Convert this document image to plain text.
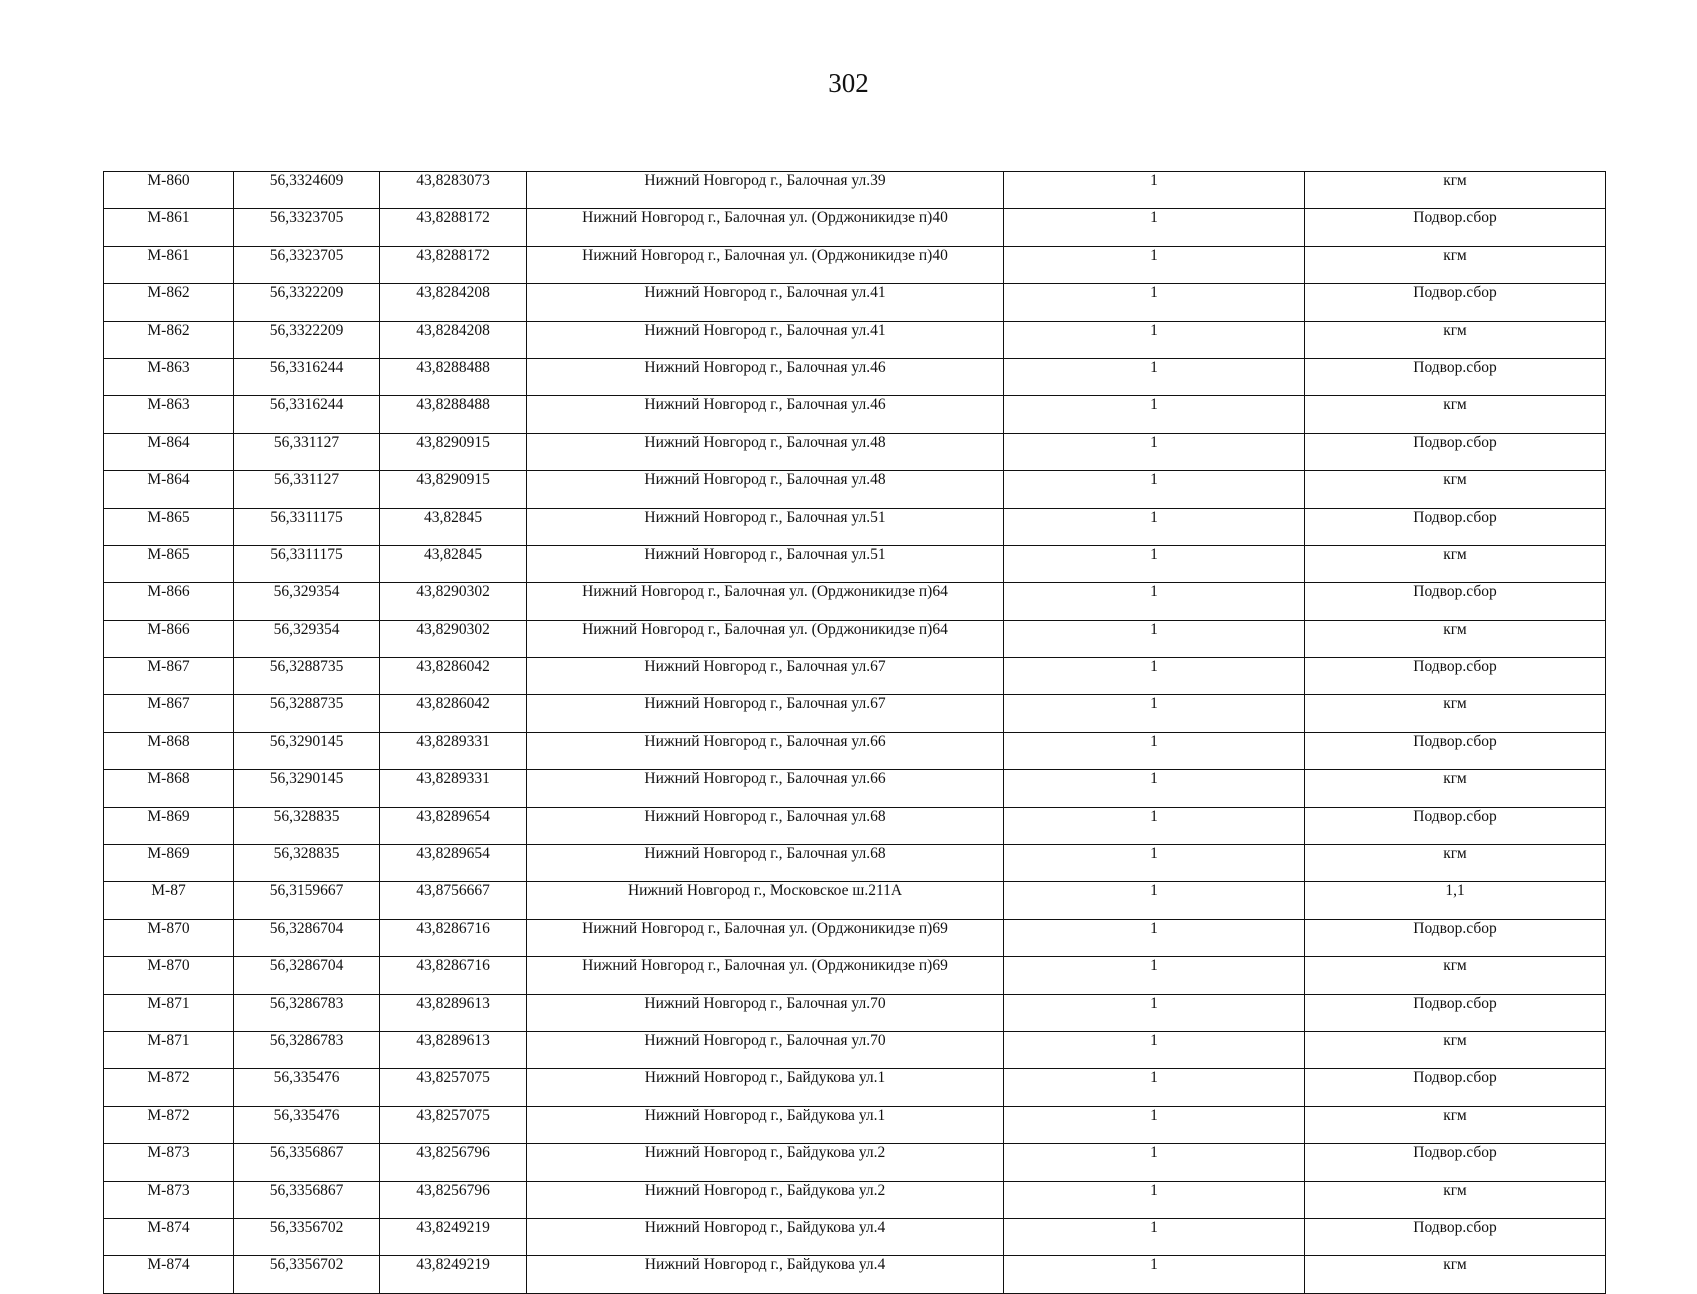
302
М-860	56,3324609	43,8283073	Нижний Новгород г., Балочная ул.39	1	кгм
М-861	56,3323705	43,8288172	Нижний Новгород г., Балочная ул. (Орджоникидзе п)40	1	Подвор.сбор
М-861	56,3323705	43,8288172	Нижний Новгород г., Балочная ул. (Орджоникидзе п)40	1	кгм
М-862	56,3322209	43,8284208	Нижний Новгород г., Балочная ул.41	1	Подвор.сбор
М-862	56,3322209	43,8284208	Нижний Новгород г., Балочная ул.41	1	кгм
М-863	56,3316244	43,8288488	Нижний Новгород г., Балочная ул.46	1	Подвор.сбор
М-863	56,3316244	43,8288488	Нижний Новгород г., Балочная ул.46	1	кгм
М-864	56,331127	43,8290915	Нижний Новгород г., Балочная ул.48	1	Подвор.сбор
М-864	56,331127	43,8290915	Нижний Новгород г., Балочная ул.48	1	кгм
М-865	56,3311175	43,82845	Нижний Новгород г., Балочная ул.51	1	Подвор.сбор
М-865	56,3311175	43,82845	Нижний Новгород г., Балочная ул.51	1	кгм
М-866	56,329354	43,8290302	Нижний Новгород г., Балочная ул. (Орджоникидзе п)64	1	Подвор.сбор
М-866	56,329354	43,8290302	Нижний Новгород г., Балочная ул. (Орджоникидзе п)64	1	кгм
М-867	56,3288735	43,8286042	Нижний Новгород г., Балочная ул.67	1	Подвор.сбор
М-867	56,3288735	43,8286042	Нижний Новгород г., Балочная ул.67	1	кгм
М-868	56,3290145	43,8289331	Нижний Новгород г., Балочная ул.66	1	Подвор.сбор
М-868	56,3290145	43,8289331	Нижний Новгород г., Балочная ул.66	1	кгм
М-869	56,328835	43,8289654	Нижний Новгород г., Балочная ул.68	1	Подвор.сбор
М-869	56,328835	43,8289654	Нижний Новгород г., Балочная ул.68	1	кгм
М-87	56,3159667	43,8756667	Нижний Новгород г., Московское ш.211А	1	1,1
М-870	56,3286704	43,8286716	Нижний Новгород г., Балочная ул. (Орджоникидзе п)69	1	Подвор.сбор
М-870	56,3286704	43,8286716	Нижний Новгород г., Балочная ул. (Орджоникидзе п)69	1	кгм
М-871	56,3286783	43,8289613	Нижний Новгород г., Балочная ул.70	1	Подвор.сбор
М-871	56,3286783	43,8289613	Нижний Новгород г., Балочная ул.70	1	кгм
М-872	56,335476	43,8257075	Нижний Новгород г., Байдукова ул.1	1	Подвор.сбор
М-872	56,335476	43,8257075	Нижний Новгород г., Байдукова ул.1	1	кгм
М-873	56,3356867	43,8256796	Нижний Новгород г., Байдукова ул.2	1	Подвор.сбор
М-873	56,3356867	43,8256796	Нижний Новгород г., Байдукова ул.2	1	кгм
М-874	56,3356702	43,8249219	Нижний Новгород г., Байдукова ул.4	1	Подвор.сбор
М-874	56,3356702	43,8249219	Нижний Новгород г., Байдукова ул.4	1	кгм
